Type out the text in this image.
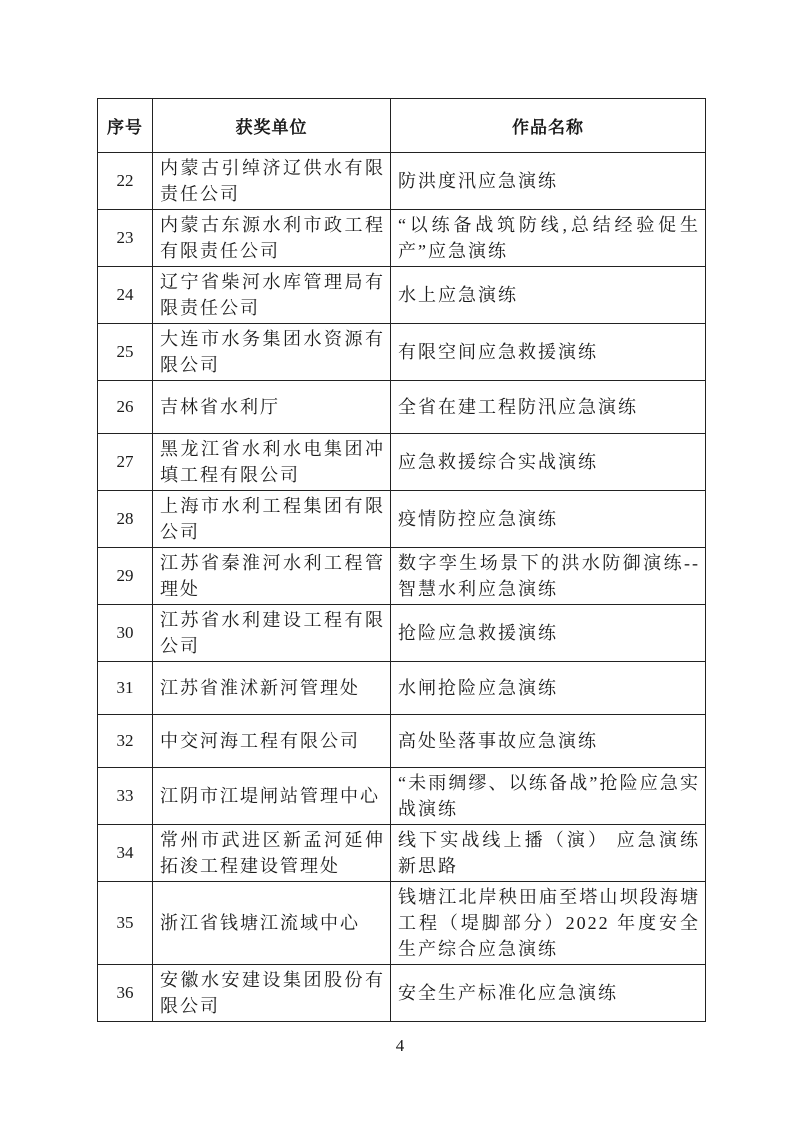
序号	获奖单位	作品名称
22	内蒙古引绰济辽供水有限责任公司	防洪度汛应急演练
23	内蒙古东源水利市政工程有限责任公司	“以练备战筑防线,总结经验促生产”应急演练
24	辽宁省柴河水库管理局有限责任公司	水上应急演练
25	大连市水务集团水资源有限公司	有限空间应急救援演练
26	吉林省水利厅	全省在建工程防汛应急演练
27	黑龙江省水利水电集团冲填工程有限公司	应急救援综合实战演练
28	上海市水利工程集团有限公司	疫情防控应急演练
29	江苏省秦淮河水利工程管理处	数字孪生场景下的洪水防御演练--智慧水利应急演练
30	江苏省水利建设工程有限公司	抢险应急救援演练
31	江苏省淮沭新河管理处	水闸抢险应急演练
32	中交河海工程有限公司	高处坠落事故应急演练
33	江阴市江堤闸站管理中心	“未雨绸缪、以练备战”抢险应急实战演练
34	常州市武进区新孟河延伸拓浚工程建设管理处	线下实战线上播（演） 应急演练新思路
35	浙江省钱塘江流域中心	钱塘江北岸秧田庙至塔山坝段海塘工程（堤脚部分）2022 年度安全生产综合应急演练
36	安徽水安建设集团股份有限公司	安全生产标准化应急演练
4
